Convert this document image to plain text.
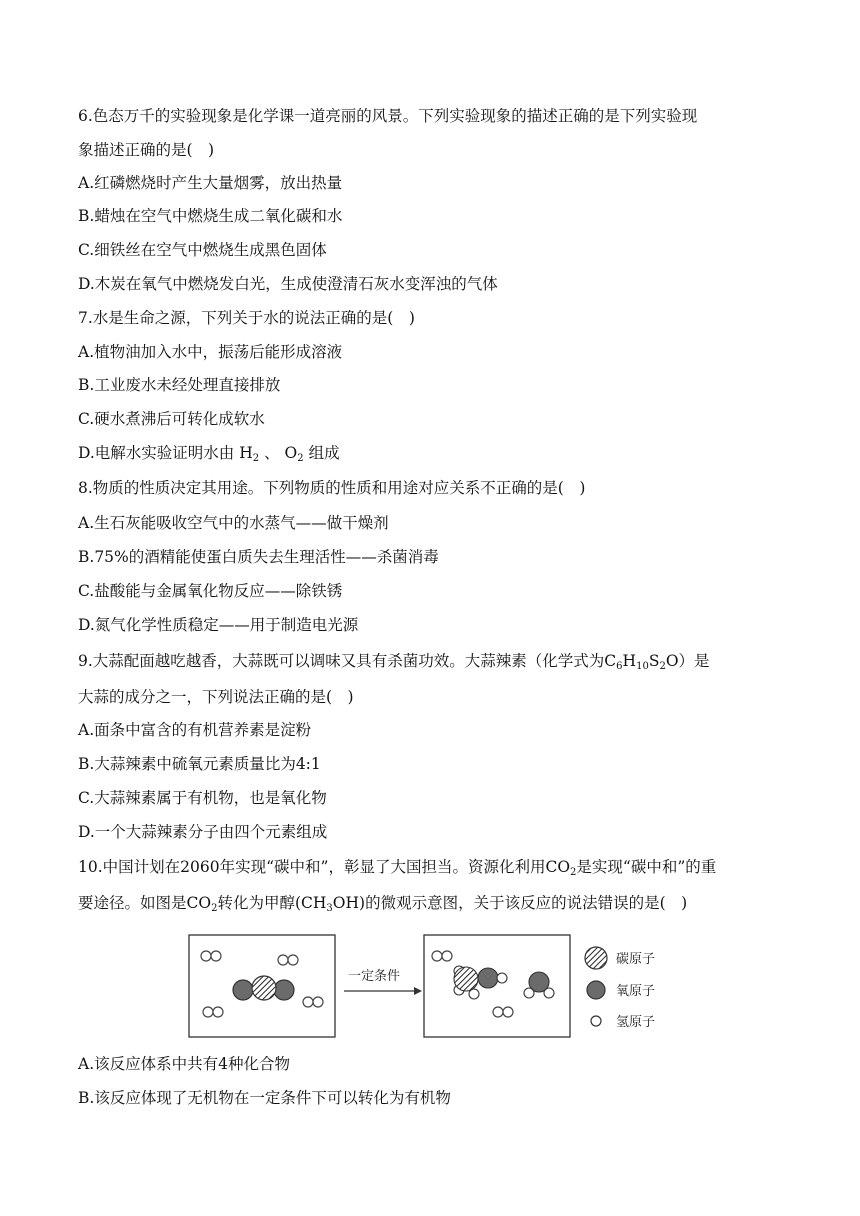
6.色态万千的实验现象是化学课一道亮丽的风景。下列实验现象的描述正确的是下列实验现
象描述正确的是(  )
A.红磷燃烧时产生大量烟雾，放出热量
B.蜡烛在空气中燃烧生成二氧化碳和水
C.细铁丝在空气中燃烧生成黑色固体
D.木炭在氧气中燃烧发白光，生成使澄清石灰水变浑浊的气体
7.水是生命之源，下列关于水的说法正确的是(  )
A.植物油加入水中，振荡后能形成溶液
B.工业废水未经处理直接排放
C.硬水煮沸后可转化成软水
D.电解水实验证明水由 $H_2$ 、 $O_2$ 组成
8.物质的性质决定其用途。下列物质的性质和用途对应关系不正确的是(  )
A.生石灰能吸收空气中的水蒸气——做干燥剂
B.75%的酒精能使蛋白质失去生理活性——杀菌消毒
C.盐酸能与金属氧化物反应——除铁锈
D.氮气化学性质稳定——用于制造电光源
9.大蒜配面越吃越香，大蒜既可以调味又具有杀菌功效。大蒜辣素（化学式为$C_6H_{10}S_2O$）是
大蒜的成分之一，下列说法正确的是(  )
A.面条中富含的有机营养素是淀粉
B.大蒜辣素中硫氧元素质量比为4:1
C.大蒜辣素属于有机物，也是氧化物
D.一个大蒜辣素分子由四个元素组成
10.中国计划在2060年实现“碳中和”，彰显了大国担当。资源化利用$CO_2$是实现“碳中和”的重
要途径。如图是$CO_2$转化为甲醇$(CH_3OH)$的微观示意图，关于该反应的说法错误的是(  )
一定条件
碳原子
氧原子
氢原子
A.该反应体系中共有4种化合物
B.该反应体现了无机物在一定条件下可以转化为有机物
